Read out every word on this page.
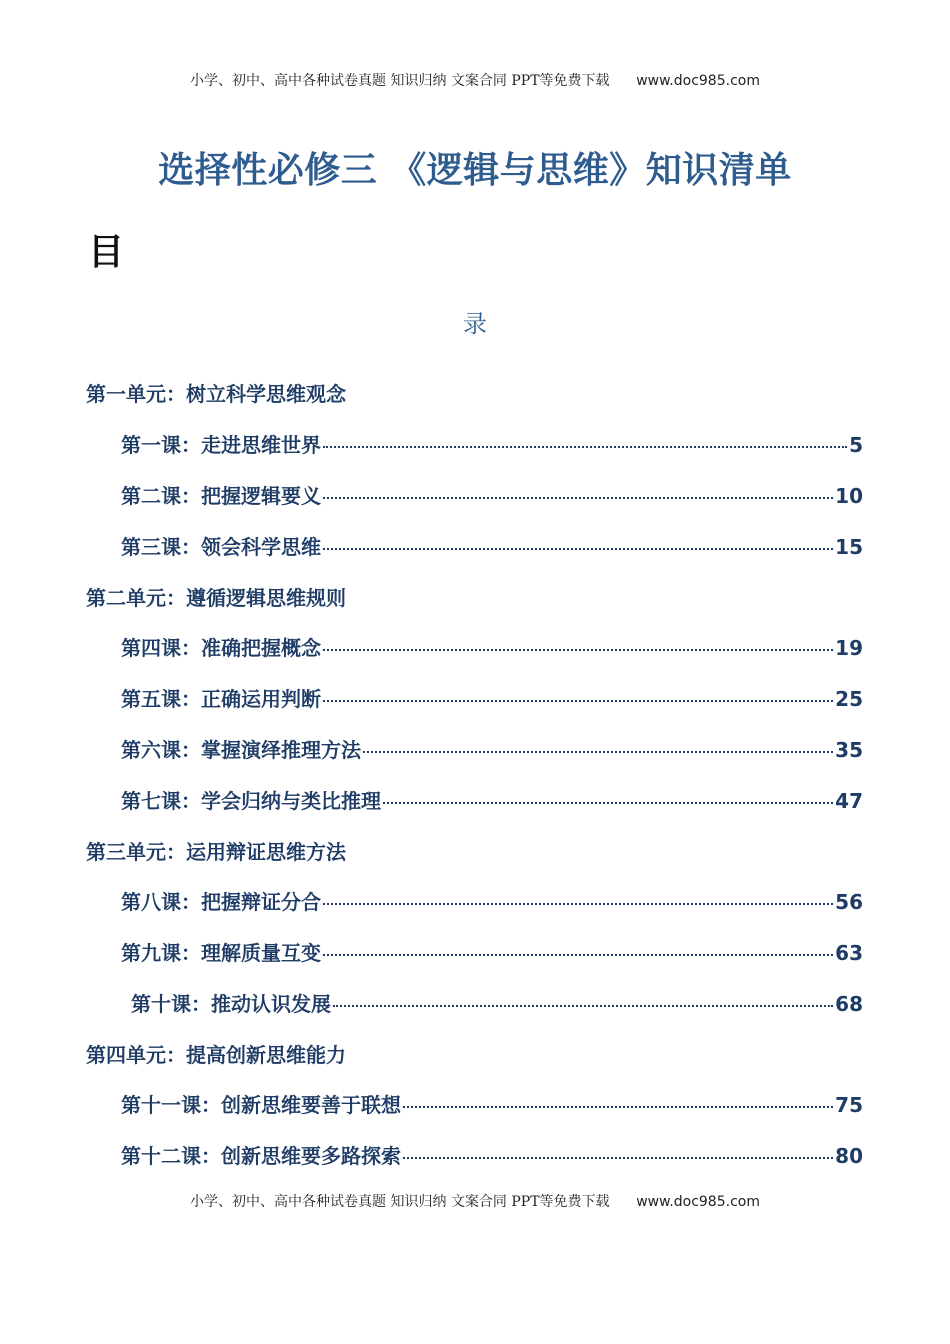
小学、初中、高中各种试卷真题 知识归纳 文案合同 PPT等免费下载 www.doc985.com
选择性必修三 《逻辑与思维》知识清单
目
录
第一单元：树立科学思维观念
第一课：走进思维世界	5
第二课：把握逻辑要义	10
第三课：领会科学思维	15
第二单元：遵循逻辑思维规则
第四课：准确把握概念	19
第五课：正确运用判断	25
第六课：掌握演绎推理方法	35
第七课：学会归纳与类比推理	47
第三单元：运用辩证思维方法
第八课：把握辩证分合	56
第九课：理解质量互变	63
第十课：推动认识发展	68
第四单元：提高创新思维能力
第十一课：创新思维要善于联想	75
第十二课：创新思维要多路探索	80
小学、初中、高中各种试卷真题 知识归纳 文案合同 PPT等免费下载 www.doc985.com
